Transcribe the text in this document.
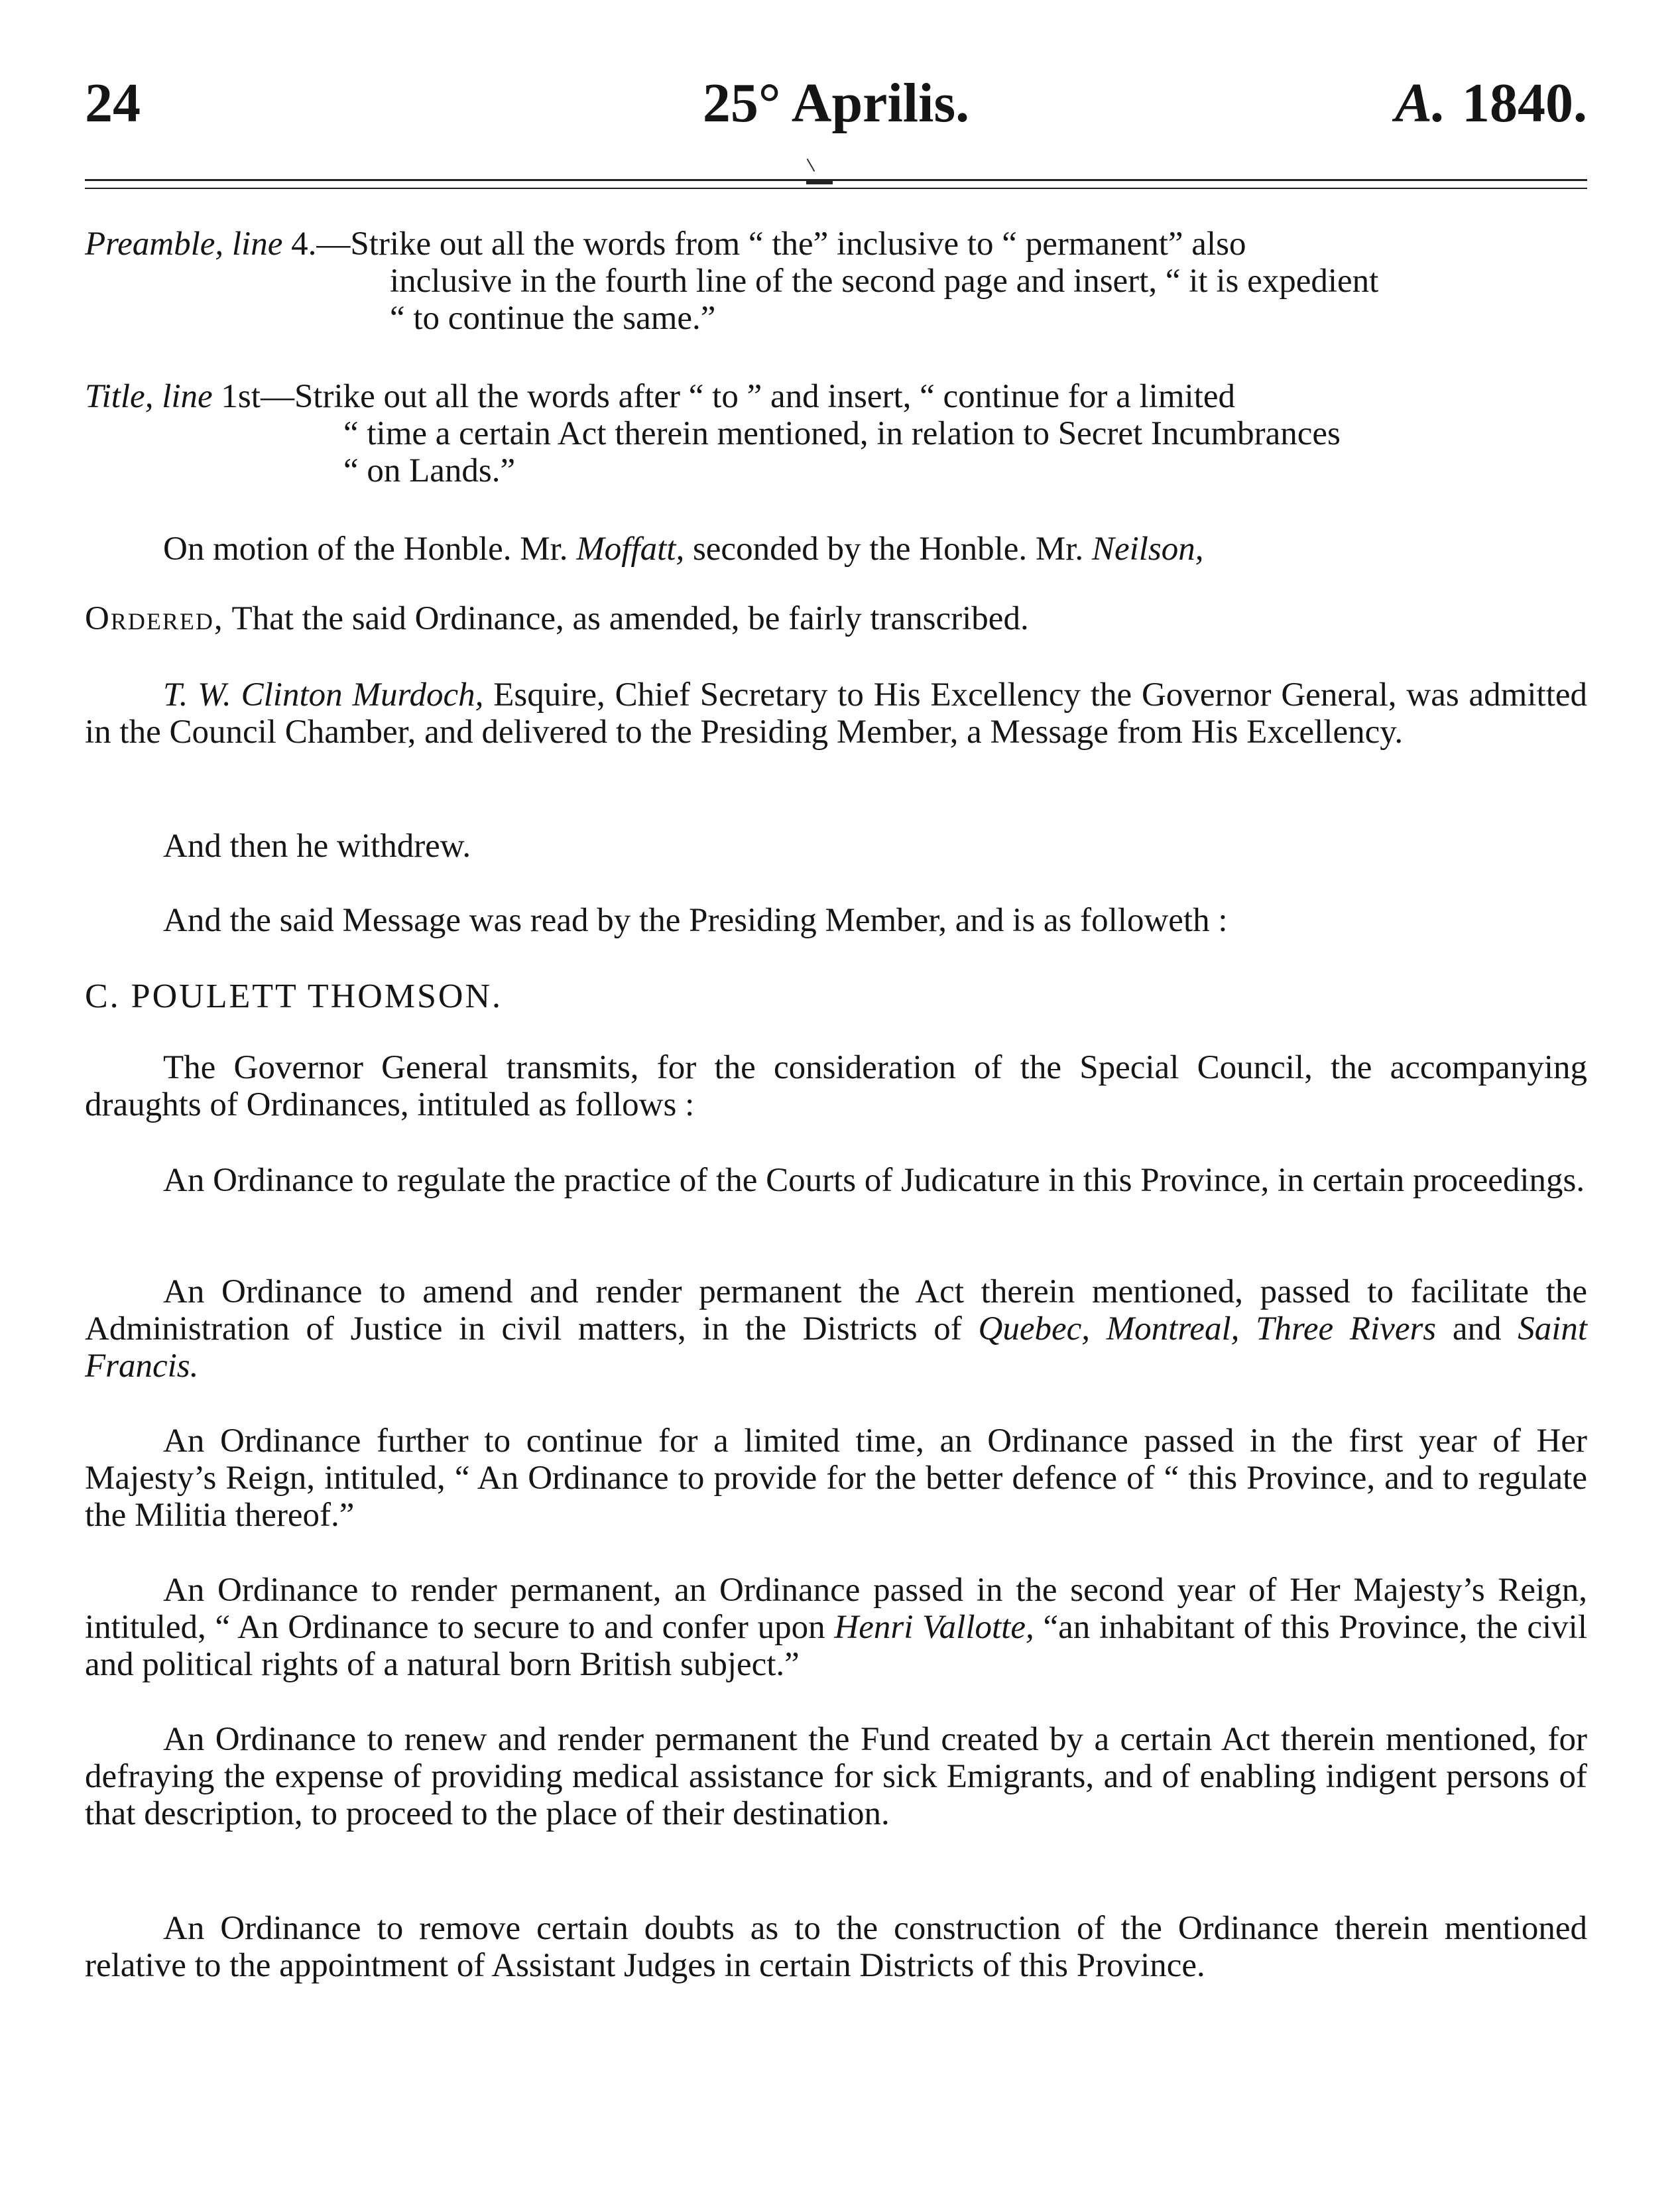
24	25° Aprilis.	A. 1840.
Preamble, line 4.—Strike out all the words from “ the” inclusive to “ permanent” also
inclusive in the fourth line of the second page and insert, “ it is expedient
“ to continue the same.”
Title, line 1st—Strike out all the words after “ to ” and insert, “ continue for a limited
“ time a certain Act therein mentioned, in relation to Secret Incumbrances
“ on Lands.”
On motion of the Honble. Mr. Moffatt, seconded by the Honble. Mr. Neilson,
Ordered, That the said Ordinance, as amended, be fairly transcribed.
T. W. Clinton Murdoch, Esquire, Chief Secretary to His Excellency the Governor General, was admitted in the Council Chamber, and delivered to the Presiding Member, a Message from His Excellency.
And then he withdrew.
And the said Message was read by the Presiding Member, and is as followeth :
C. POULETT THOMSON.
The Governor General transmits, for the consideration of the Special Council, the accompanying draughts of Ordinances, intituled as follows :
An Ordinance to regulate the practice of the Courts of Judicature in this Province, in certain proceedings.
An Ordinance to amend and render permanent the Act therein mentioned, passed to facilitate the Administration of Justice in civil matters, in the Districts of Quebec, Montreal, Three Rivers and Saint Francis.
An Ordinance further to continue for a limited time, an Ordinance passed in the first year of Her Majesty’s Reign, intituled, “ An Ordinance to provide for the better defence of “ this Province, and to regulate the Militia thereof.”
An Ordinance to render permanent, an Ordinance passed in the second year of Her Majesty’s Reign, intituled, “ An Ordinance to secure to and confer upon Henri Vallotte, “an inhabitant of this Province, the civil and political rights of a natural born British subject.”
An Ordinance to renew and render permanent the Fund created by a certain Act therein mentioned, for defraying the expense of providing medical assistance for sick Emigrants, and of enabling indigent persons of that description, to proceed to the place of their destination.
An Ordinance to remove certain doubts as to the construction of the Ordinance therein mentioned relative to the appointment of Assistant Judges in certain Districts of this Province.
